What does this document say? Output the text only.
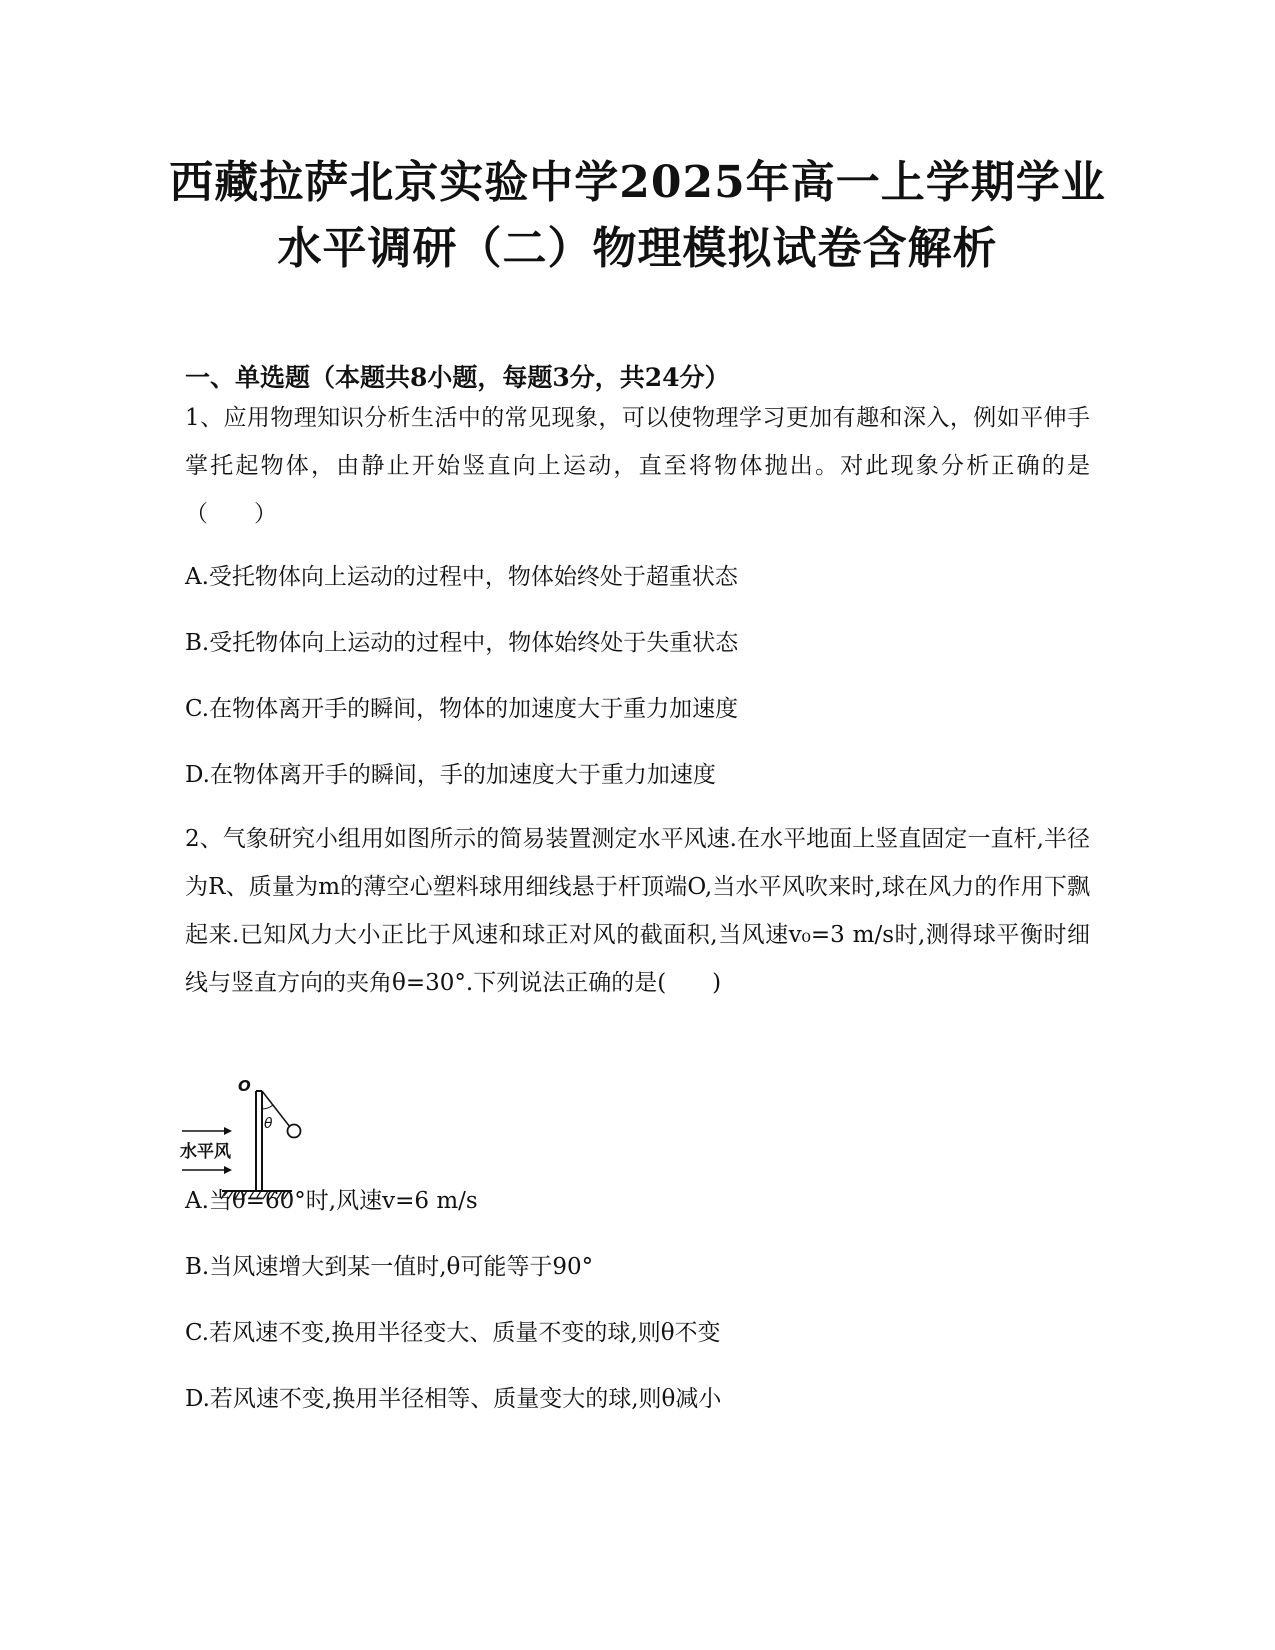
西藏拉萨北京实验中学2025年高一上学期学业水平调研（二）物理模拟试卷含解析
一、单选题（本题共8小题，每题3分，共24分）
1、应用物理知识分析生活中的常见现象，可以使物理学习更加有趣和深入，例如平伸手掌托起物体，由静止开始竖直向上运动，直至将物体抛出。对此现象分析正确的是（　　）
A.受托物体向上运动的过程中，物体始终处于超重状态
B.受托物体向上运动的过程中，物体始终处于失重状态
C.在物体离开手的瞬间，物体的加速度大于重力加速度
D.在物体离开手的瞬间，手的加速度大于重力加速度
2、气象研究小组用如图所示的简易装置测定水平风速.在水平地面上竖直固定一直杆,半径为R、质量为m的薄空心塑料球用细线悬于杆顶端O,当水平风吹来时,球在风力的作用下飘起来.已知风力大小正比于风速和球正对风的截面积,当风速v₀=3 m/s时,测得球平衡时细线与竖直方向的夹角θ=30°.下列说法正确的是(　　)
O
θ
水平风
A.当θ=60°时,风速v=6 m/s
B.当风速增大到某一值时,θ可能等于90°
C.若风速不变,换用半径变大、质量不变的球,则θ不变
D.若风速不变,换用半径相等、质量变大的球,则θ减小
